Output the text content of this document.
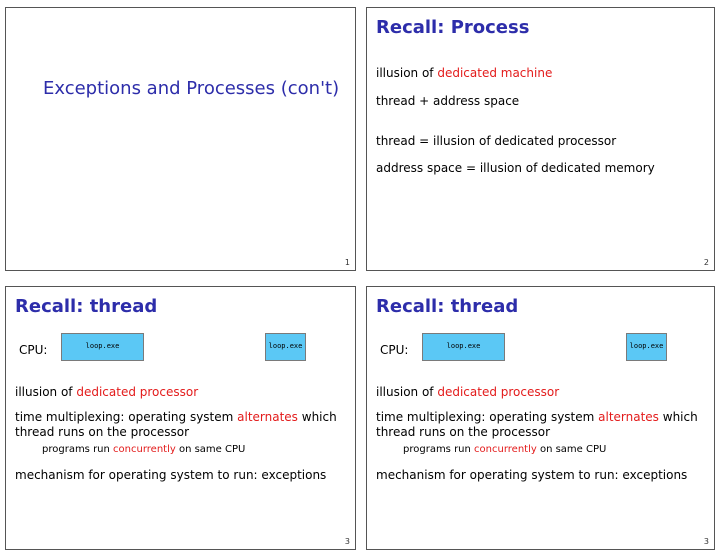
Exceptions and Processes (con't)
1
Recall: Process
illusion of dedicated machine
thread + address space
thread = illusion of dedicated processor
address space = illusion of dedicated memory
2
Recall: thread
CPU:	loop.exe	loop.exe
illusion of dedicated processor
time multiplexing: operating system alternates which
thread runs on the processor
programs run concurrently on same CPU
mechanism for operating system to run: exceptions
3
Recall: thread
CPU:	loop.exe	loop.exe
illusion of dedicated processor
time multiplexing: operating system alternates which
thread runs on the processor
programs run concurrently on same CPU
mechanism for operating system to run: exceptions
3
